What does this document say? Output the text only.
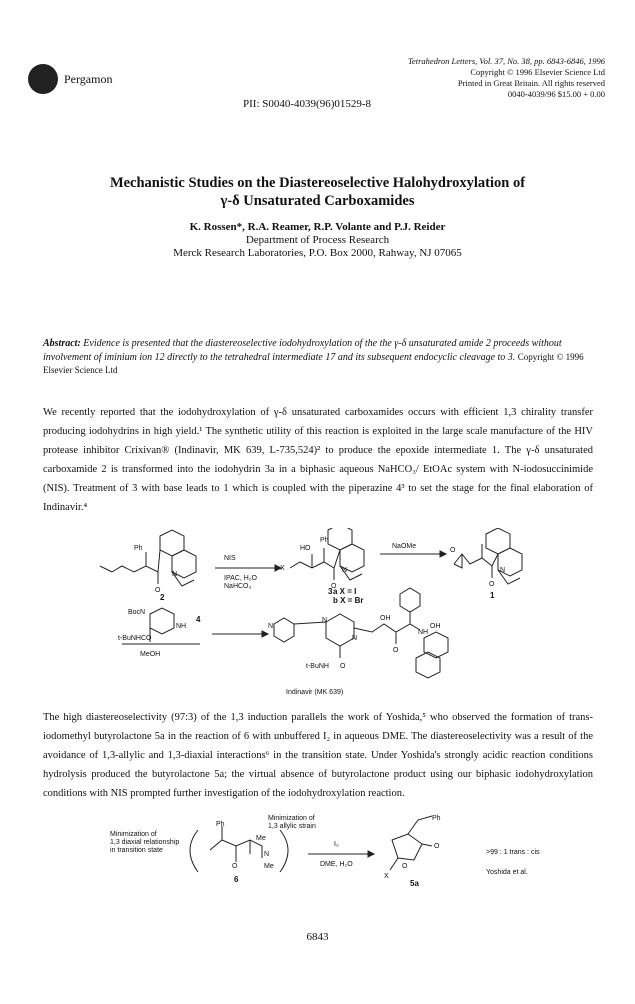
Pergamon
Tetrahedron Letters, Vol. 37, No. 38, pp. 6843-6846, 1996
Copyright © 1996 Elsevier Science Ltd
Printed in Great Britain. All rights reserved
0040-4039/96 $15.00 + 0.00
PII: S0040-4039(96)01529-8
Mechanistic Studies on the Diastereoselective Halohydroxylation of
γ-δ Unsaturated Carboxamides
K. Rossen*, R.A. Reamer, R.P. Volante and P.J. Reider
Department of Process Research
Merck Research Laboratories, P.O. Box 2000, Rahway, NJ 07065
Abstract: Evidence is presented that the diastereoselective iodohydroxylation of the the γ-δ unsaturated amide 2 proceeds without involvement of iminium ion 12 directly to the tetrahedral intermediate 17 and its subsequent endocyclic cleavage to 3. Copyright © 1996 Elsevier Science Ltd
We recently reported that the iodohydroxylation of γ-δ unsaturated carboxamides occurs with efficient 1,3 chirality transfer producing iodohydrins in high yield.¹ The synthetic utility of this reaction is exploited in the large scale manufacture of the HIV protease inhibitor Crixivan® (Indinavir, MK 639, L-735,524)² to produce the epoxide intermediate 1. The γ-δ unsaturated carboxamide 2 is transformed into the iodohydrin 3a in a biphasic aqueous NaHCO₃/ EtOAc system with N-iodosuccinimide (NIS). Treatment of 3 with base leads to 1 which is coupled with the piperazine 4³ to set the stage for the final elaboration of Indinavir.⁴
Ph
N
O
2
NIS
IPAC, H₂O
NaHCO₃
HO
Ph
X	N
O
3 a X = I
b X = Br
NaOMe
O
N
O
1
BocN
NH
4
t-BuNHCO
MeOH
N
N
N
OH
NH
OH
O
t-BuNH O
Indinavir (MK 639)
The high diastereoselectivity (97:3) of the 1,3 induction parallels the work of Yoshida,⁵ who observed the formation of trans- iodomethyl butyrolactone 5a in the reaction of 6 with unbuffered I₂ in aqueous DME. The diastereoselectivity was a result of the avoidance of 1,3-allylic and 1,3-diaxial interactions⁶ in the transition state. Under Yoshida's strongly acidic reaction conditions hydrolysis produced the butyrolactone 5a; the virtual absence of butyrolactone product using our biphasic iodohydroxylation conditions with NIS prompted further investigation of the iodohydroxylation reaction.
Minimization of
1,3 allylic strain
Minimization of
1,3 diaxial relationship
in transition state
Ph
Me
N
Me
O
6
I₂
DME, H₂O
Ph
O
O
X
5a
>99 : 1 trans : cis
Yoshida et al.
6843
